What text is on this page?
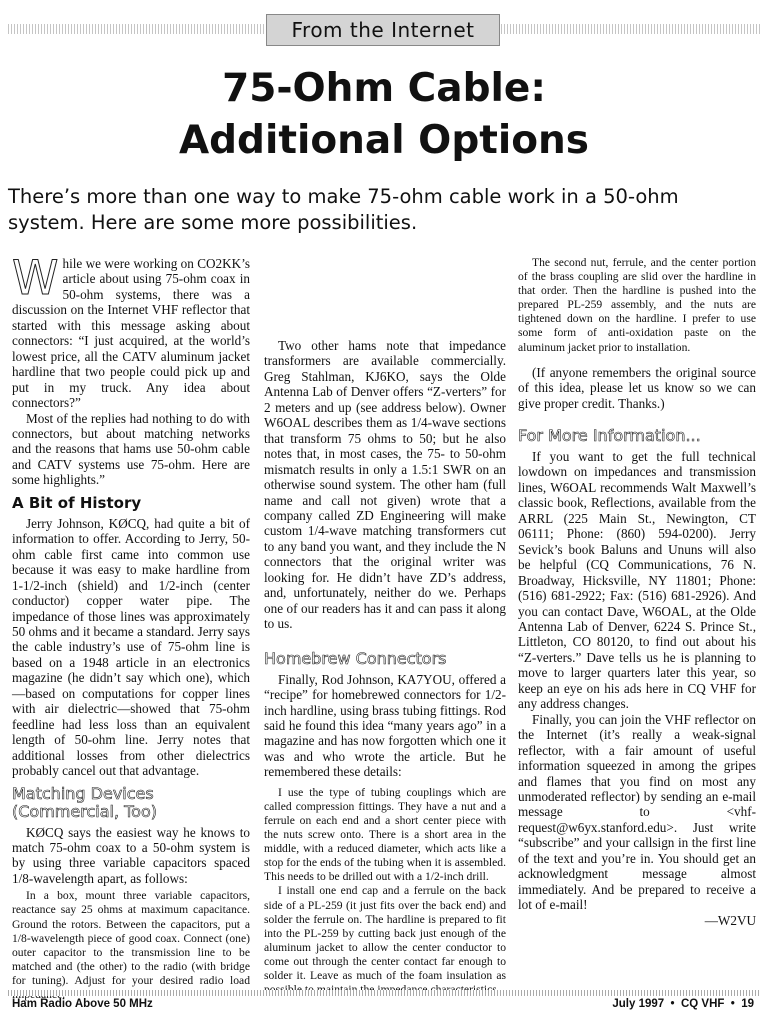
From the Internet
75-Ohm Cable:
Additional Options
There’s more than one way to make 75-ohm cable work in a 50-ohm
system. Here are some more possibilities.
W hile we were working on CO2KK’s article about using 75-ohm coax in 50-ohm systems, there was a discussion on the Internet VHF reflector that started with this message asking about connectors: “I just acquired, at the world’s lowest price, all the CATV aluminum jacket hardline that two people could pick up and put in my truck. Any idea about connectors?”

Most of the replies had nothing to do with connectors, but about matching networks and the reasons that hams use 50-ohm cable and CATV systems use 75-ohm. Here are some highlights.”

A Bit of History

Jerry Johnson, KØCQ, had quite a bit of information to offer. According to Jerry, 50-ohm cable first came into common use because it was easy to make hardline from 1-1/2-inch (shield) and 1/2-inch (center conductor) copper water pipe. The impedance of those lines was approximately 50 ohms and it became a standard. Jerry says the cable industry’s use of 75-ohm line is based on a 1948 article in an electronics magazine (he didn’t say which one), which—based on computations for copper lines with air dielectric—showed that 75-ohm feedline had less loss than an equivalent length of 50-ohm line. Jerry notes that additional losses from other dielectrics probably cancel out that advantage.

Matching Devices
(Commercial, Too)

KØCQ says the easiest way he knows to match 75-ohm coax to a 50-ohm system is by using three variable capacitors spaced 1/8-wavelength apart, as follows:

In a box, mount three variable capacitors, reactance say 25 ohms at maximum capacitance. Ground the rotors. Between the capacitors, put a 1/8-wavelength piece of good coax. Connect (one) outer capacitor to the transmission line to be matched and (the other) to the radio (with bridge for tuning). Adjust for your desired radio load

Two other hams note that impedance transformers are available commercially. Greg Stahlman, KJ6KO, says the Olde Antenna Lab of Denver offers “Z-verters” for 2 meters and up (see address below). Owner W6OAL describes them as 1/4-wave sections that transform 75 ohms to 50; but he also notes that, in most cases, the 75- to 50-ohm mismatch results in only a 1.5:1 SWR on an otherwise sound system. The other ham (full name and call not given) wrote that a company called ZD Engineering will make custom 1/4-wave matching transformers cut to any band you want, and they include the N connectors that the original writer was looking for. He didn’t have ZD’s address, and, unfortunately, neither do we. Perhaps one of our readers has it and can pass it along to us.

Homebrew Connectors

Finally, Rod Johnson, KA7YOU, offered a “recipe” for homebrewed connectors for 1/2-inch hardline, using brass tubing fittings. Rod said he found this idea “many years ago” in a magazine and has now forgotten which one it was and who wrote the article. But he remembered these details:

I use the type of tubing couplings which are called compression fittings. They have a nut and a ferrule on each end and a short center piece with the nuts screw onto. There is a short area in the middle, with a reduced diameter, which acts like a stop for the ends of the tubing when it is assembled. This needs to be drilled out with a 1/2-inch drill.

I install one end cap and a ferrule on the back side of a PL-259 (it just fits over the back end) and solder the ferrule on. The hardline is prepared to fit into the PL-259 by cutting back just enough of the aluminum jacket to allow the center conductor to come out through the center contact far enough to solder it. Leave as much of the foam insulation as

The second nut, ferrule, and the center portion of the brass coupling are slid over the hardline in that order. Then the hardline is pushed into the prepared PL-259 assembly, and the nuts are tightened down on the hardline. I prefer to use some form of anti-oxidation paste on the aluminum jacket prior to installation.

(If anyone remembers the original source of this idea, please let us know so we can give proper credit. Thanks.)

For More Information...

If you want to get the full technical lowdown on impedances and transmission lines, W6OAL recommends Walt Maxwell’s classic book, Reflections, available from the ARRL (225 Main St., Newington, CT 06111; Phone: (860) 594-0200). Jerry Sevick’s book Baluns and Ununs will also be helpful (CQ Communications, 76 N. Broadway, Hicksville, NY 11801; Phone: (516) 681-2922; Fax: (516) 681-2926). And you can contact Dave, W6OAL, at the Olde Antenna Lab of Denver, 6224 S. Prince St., Littleton, CO 80120, to find out about his “Z-verters.” Dave tells us he is planning to move to larger quarters later this year, so keep an eye on his ads here in CQ VHF for any address changes.

Finally, you can join the VHF reflector on the Internet (it’s really a weak-signal reflector, with a fair amount of useful information squeezed in among the gripes and flames that you find on most any unmoderated reflector) by sending an e-mail message to <vhf-request@w6yx.stanford.edu>. Just write “subscribe” and your callsign in the first line of the text and you’re in. You should get an acknowledgment message almost immediately. And be prepared to receive a lot of e-mail!

—W2VU

Ham Radio Above 50 MHz	July 1997  •  CQ VHF  •  19
